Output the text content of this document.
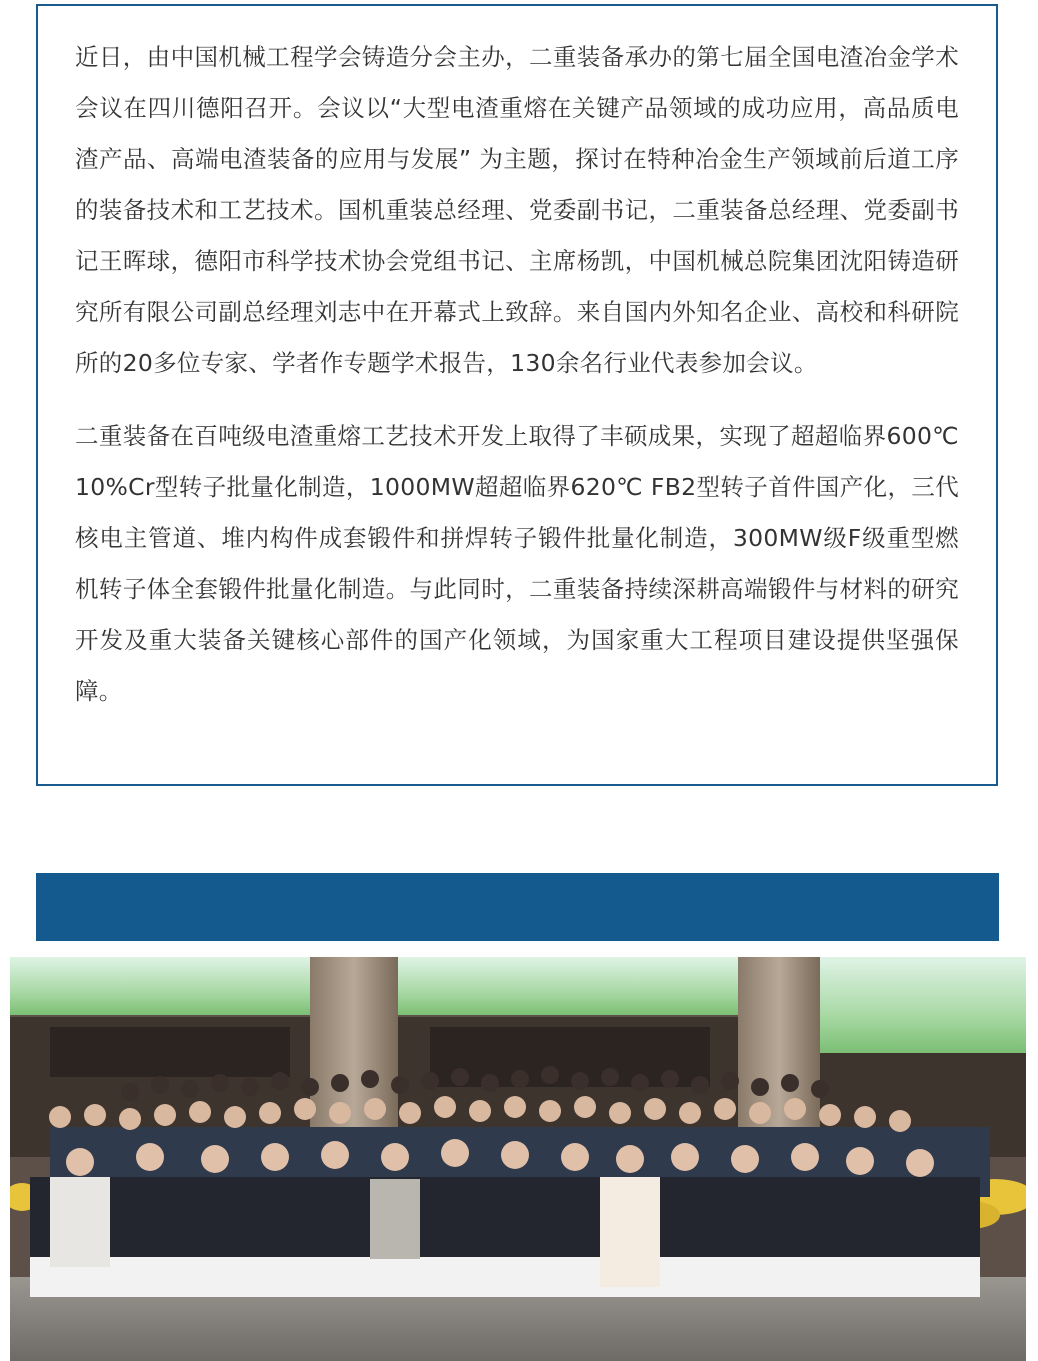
近日，由中国机械工程学会铸造分会主办，二重装备承办的第七届全国电渣冶金学术会议在四川德阳召开。会议以“大型电渣重熔在关键产品领域的成功应用，高品质电渣产品、高端电渣装备的应用与发展” 为主题，探讨在特种冶金生产领域前后道工序的装备技术和工艺技术。国机重装总经理、党委副书记，二重装备总经理、党委副书记王晖球，德阳市科学技术协会党组书记、主席杨凯，中国机械总院集团沈阳铸造研究所有限公司副总经理刘志中在开幕式上致辞。来自国内外知名企业、高校和科研院所的20多位专家、学者作专题学术报告，130余名行业代表参加会议。

二重装备在百吨级电渣重熔工艺技术开发上取得了丰硕成果，实现了超超临界600℃ 10%Cr型转子批量化制造，1000MW超超临界620℃ FB2型转子首件国产化，三代核电主管道、堆内构件成套锻件和拼焊转子锻件批量化制造，300MW级F级重型燃机转子体全套锻件批量化制造。与此同时，二重装备持续深耕高端锻件与材料的研究开发及重大装备关键核心部件的国产化领域，为国家重大工程项目建设提供坚强保障。
